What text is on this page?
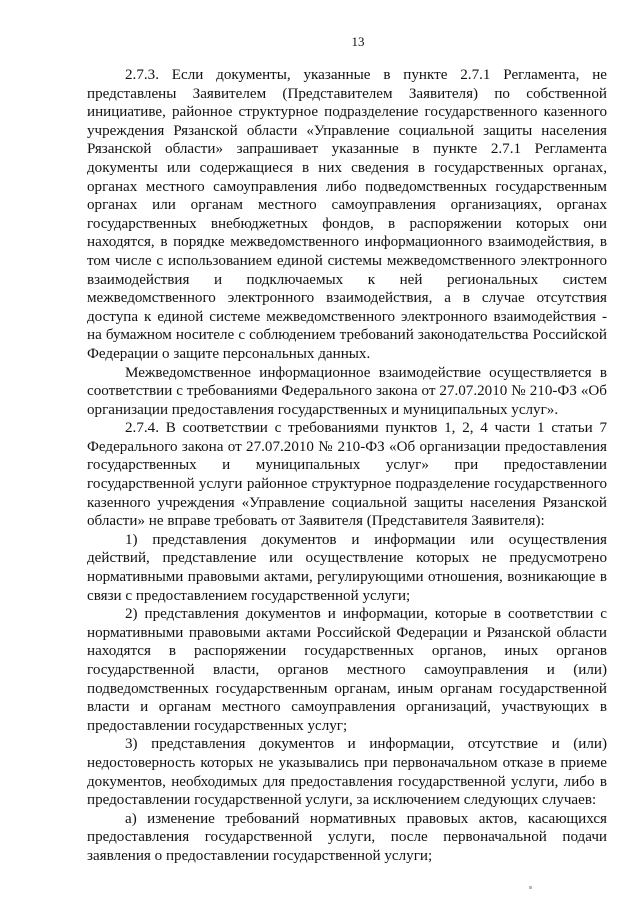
13

2.7.3. Если документы, указанные в пункте 2.7.1 Регламента, не представлены Заявителем (Представителем Заявителя) по собственной инициативе, районное структурное подразделение государственного казенного учреждения Рязанской области «Управление социальной защиты населения Рязанской области» запрашивает указанные в пункте 2.7.1 Регламента документы или содержащиеся в них сведения в государственных органах, органах местного самоуправления либо подведомственных государственным органах или органам местного самоуправления организациях, органах государственных внебюджетных фондов, в распоряжении которых они находятся, в порядке межведомственного информационного взаимодействия, в том числе с использованием единой системы межведомственного электронного взаимодействия и подключаемых к ней региональных систем межведомственного электронного взаимодействия, а в случае отсутствия доступа к единой системе межведомственного электронного взаимодействия - на бумажном носителе с соблюдением требований законодательства Российской Федерации о защите персональных данных.

Межведомственное информационное взаимодействие осуществляется в соответствии с требованиями Федерального закона от 27.07.2010 № 210-ФЗ «Об организации предоставления государственных и муниципальных услуг».

2.7.4. В соответствии с требованиями пунктов 1, 2, 4 части 1 статьи 7 Федерального закона от 27.07.2010 № 210-ФЗ «Об организации предоставления государственных и муниципальных услуг» при предоставлении государственной услуги районное структурное подразделение государственного казенного учреждения «Управление социальной защиты населения Рязанской области» не вправе требовать от Заявителя (Представителя Заявителя):

1) представления документов и информации или осуществления действий, представление или осуществление которых не предусмотрено нормативными правовыми актами, регулирующими отношения, возникающие в связи с предоставлением государственной услуги;

2) представления документов и информации, которые в соответствии с нормативными правовыми актами Российской Федерации и Рязанской области находятся в распоряжении государственных органов, иных органов государственной власти, органов местного самоуправления и (или) подведомственных государственным органам, иным органам государственной власти и органам местного самоуправления организаций, участвующих в предоставлении государственных услуг;

3) представления документов и информации, отсутствие и (или) недостоверность которых не указывались при первоначальном отказе в приеме документов, необходимых для предоставления государственной услуги, либо в предоставлении государственной услуги, за исключением следующих случаев:

а) изменение требований нормативных правовых актов, касающихся предоставления государственной услуги, после первоначальной подачи заявления о предоставлении государственной услуги;
